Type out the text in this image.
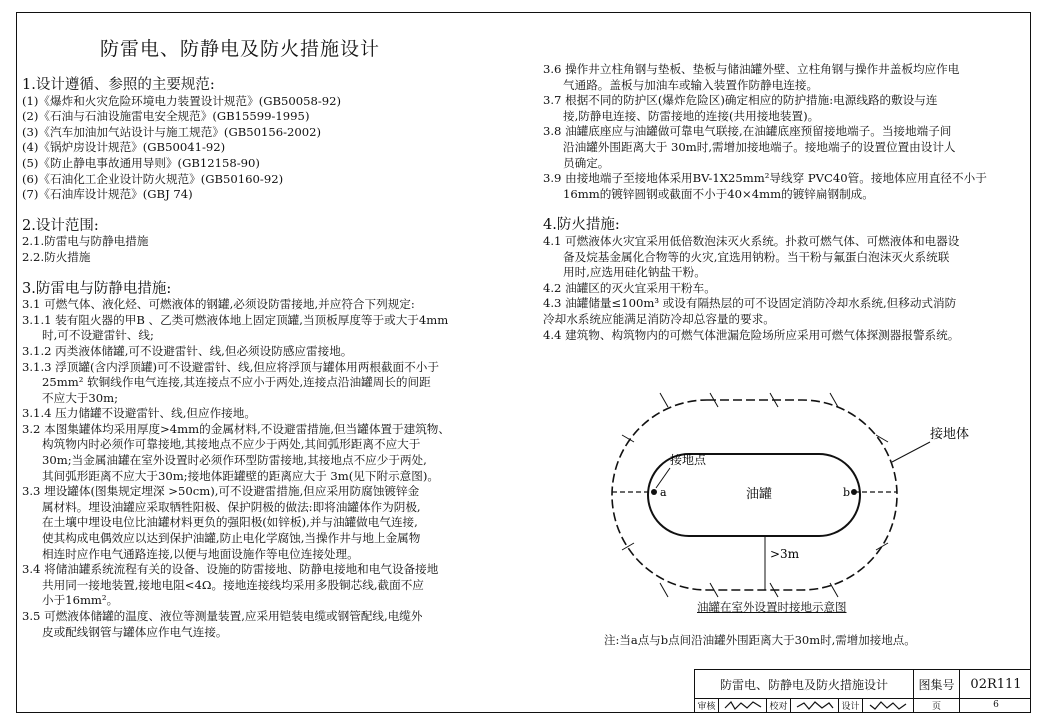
防雷电、防静电及防火措施设计
1.设计遵循、参照的主要规范:
(1)《爆炸和火灾危险环境电力装置设计规范》(GB50058-92)
(2)《石油与石油设施雷电安全规范》(GB15599-1995)
(3)《汽车加油加气站设计与施工规范》(GB50156-2002)
(4)《锅炉房设计规范》(GB50041-92)
(5)《防止静电事故通用导则》(GB12158-90)
(6)《石油化工企业设计防火规范》(GB50160-92)
(7)《石油库设计规范》(GBJ 74)
2.设计范围:
2.1.防雷电与防静电措施
2.2.防火措施
3.防雷电与防静电措施:
3.1 可燃气体、液化烃、可燃液体的钢罐,必须设防雷接地,并应符合下列规定:
3.1.1 装有阻火器的甲B 、乙类可燃液体地上固定顶罐,当顶板厚度等于或大于4mm
时,可不设避雷针、线;
3.1.2 丙类液体储罐,可不设避雷针、线,但必须设防感应雷接地。
3.1.3 浮顶罐(含内浮顶罐)可不设避雷针、线,但应将浮顶与罐体用两根截面不小于
25mm² 软铜线作电气连接,其连接点不应小于两处,连接点沿油罐周长的间距
不应大于30m;
3.1.4 压力储罐不设避雷针、线,但应作接地。
3.2 本图集罐体均采用厚度>4mm的金属材料,不设避雷措施,但当罐体置于建筑物、
构筑物内时必须作可靠接地,其接地点不应少于两处,其间弧形距离不应大于
30m;当金属油罐在室外设置时必须作环型防雷接地,其接地点不应少于两处,
其间弧形距离不应大于30m;接地体距罐壁的距离应大于 3m(见下附示意图)。
3.3 埋设罐体(图集规定埋深 >50cm),可不设避雷措施,但应采用防腐蚀镀锌金
属材料。埋设油罐应采取牺牲阳极、保护阴极的做法:即将油罐体作为阴极,
在土壤中埋设电位比油罐材料更负的强阳极(如锌板),并与油罐做电气连接,
使其构成电偶效应以达到保护油罐,防止电化学腐蚀,当操作井与地上金属物
相连时应作电气通路连接,以便与地面设施作等电位连接处理。
3.4 将储油罐系统流程有关的设备、设施的防雷接地、防静电接地和电气设备接地
共用同一接地装置,接地电阻<4Ω。接地连接线均采用多股铜芯线,截面不应
小于16mm²。
3.5 可燃液体储罐的温度、液位等测量装置,应采用铠装电缆或钢管配线,电缆外
皮或配线钢管与罐体应作电气连接。
3.6 操作井立柱角钢与垫板、垫板与储油罐外壁、立柱角钢与操作井盖板均应作电
气通路。盖板与加油车或输入装置作防静电连接。
3.7 根据不同的防护区(爆炸危险区)确定相应的防护措施:电源线路的敷设与连
接,防静电连接、防雷接地的连接(共用接地装置)。
3.8 油罐底座应与油罐做可靠电气联接,在油罐底座预留接地端子。当接地端子间
沿油罐外围距离大于 30m时,需增加接地端子。接地端子的设置位置由设计人
员确定。
3.9 由接地端子至接地体采用BV-1X25mm²导线穿 PVC40管。接地体应用直径不小于
16mm的镀锌圆钢或截面不小于40×4mm的镀锌扁钢制成。
4.防火措施:
4.1 可燃液体火灾宜采用低倍数泡沫灭火系统。扑救可燃气体、可燃液体和电器设
备及烷基金属化合物等的火灾,宜选用钠粉。当干粉与氟蛋白泡沫灭火系统联
用时,应选用硅化钠盐干粉。
4.2 油罐区的灭火宜采用干粉车。
4.3 油罐储量≤100m³ 或设有隔热层的可不设固定消防冷却水系统,但移动式消防
冷却水系统应能满足消防冷却总容量的要求。
4.4 建筑物、构筑物内的可燃气体泄漏危险场所应采用可燃气体探测器报警系统。
油罐
a	b
接地点
接地体
>3m
油罐在室外设置时接地示意图
注:当a点与b点间沿油罐外围距离大于30m时,需增加接地点。
防雷电、防静电及防火措施设计	图集号	02R111
审核	校对	设计	页	6
